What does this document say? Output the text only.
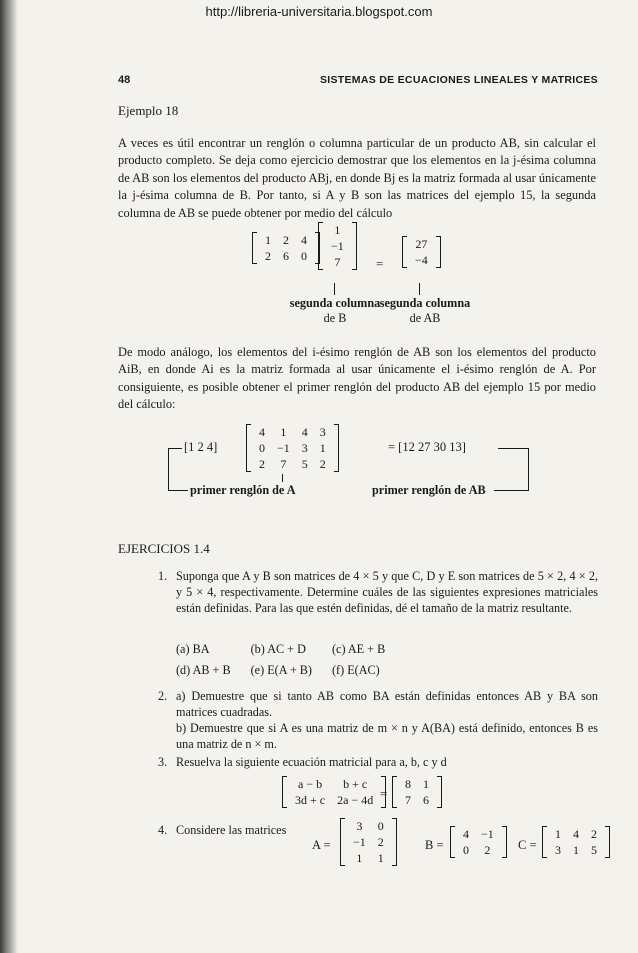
http://libreria-universitaria.blogspot.com
48	SISTEMAS DE ECUACIONES LINEALES Y MATRICES
Ejemplo 18
A veces es útil encontrar un renglón o columna particular de un producto AB, sin calcular el producto completo. Se deja como ejercicio demostrar que los elementos en la j-ésima columna de AB son los elementos del producto ABj, en donde Bj es la matriz formada al usar únicamente la j-ésima columna de B. Por tanto, si A y B son las matrices del ejemplo 15, la segunda columna de AB se puede obtener por medio del cálculo
1	2	4
2	6	0
1
−1
7	=
27
−4
segunda columna
de B
segunda columna
de AB
De modo análogo, los elementos del i-ésimo renglón de AB son los elementos del producto AiB, en donde Ai es la matriz formada al usar únicamente el i-ésimo renglón de A. Por consiguiente, es posible obtener el primer renglón del producto AB del ejemplo 15 por medio del cálculo:
[1 2 4]
4	1	4	3
0	−1	3	1
2	7	5	2
= [12 27 30 13]
primer renglón de A	primer renglón de AB
EJERCICIOS 1.4
1. Suponga que A y B son matrices de 4 × 5 y que C, D y E son matrices de 5 × 2, 4 × 2, y 5 × 4, respectivamente. Determine cuáles de las siguientes expresiones matriciales están definidas. Para las que estén definidas, dé el tamaño de la matriz resultante.
(a) BA	(b) AC + D	(c) AE + B
(d) AB + B	(e) E(A + B)	(f) E(AC)
2. a) Demuestre que si tanto AB como BA están definidas entonces AB y BA son matrices cuadradas.
b) Demuestre que si A es una matriz de m × n y A(BA) está definido, entonces B es una matriz de n × m.
3. Resuelva la siguiente ecuación matricial para a, b, c y d
a − b	b + c
3d + c	2a − 4d =
8	1
7	6
4. Considere las matrices
A =
3	0
−1	2
1	1
B =
4	−1
0	2 C =
1	4	2
3	1	5
